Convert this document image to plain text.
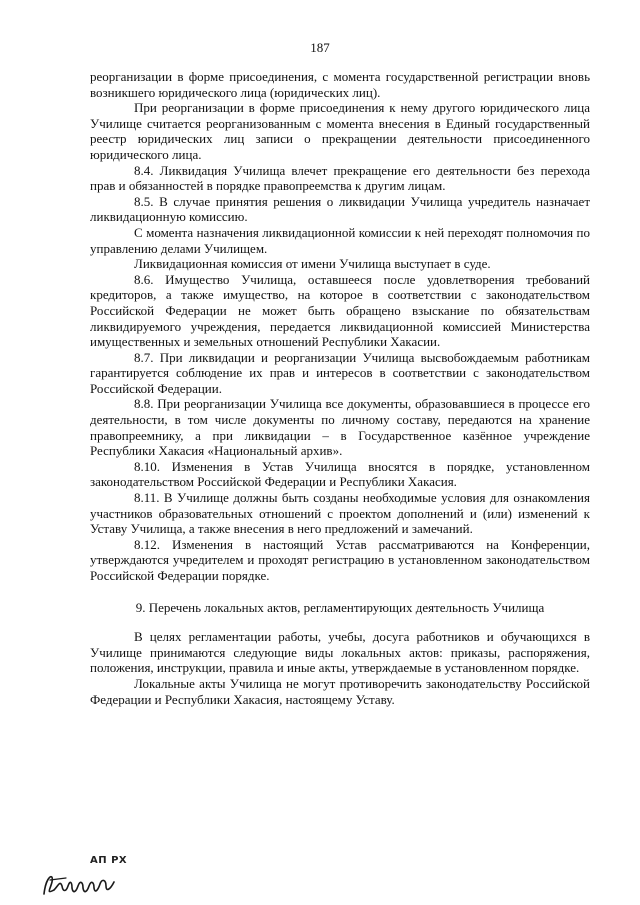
187

реорганизации в форме присоединения, с момента государственной регистрации вновь возникшего юридического лица (юридических лиц).

При реорганизации в форме присоединения к нему другого юридического лица Училище считается реорганизованным с момента внесения в Единый государственный реестр юридических лиц записи о прекращении деятельности присоединенного юридического лица.

8.4. Ликвидация Училища влечет прекращение его деятельности без перехода прав и обязанностей в порядке правопреемства к другим лицам.

8.5. В случае принятия решения о ликвидации Училища учредитель назначает ликвидационную комиссию.

С момента назначения ликвидационной комиссии к ней переходят полномочия по управлению делами Училищем.

Ликвидационная комиссия от имени Училища выступает в суде.

8.6. Имущество Училища, оставшееся после удовлетворения требований кредиторов, а также имущество, на которое в соответствии с законодательством Российской Федерации не может быть обращено взыскание по обязательствам ликвидируемого учреждения, передается ликвидационной комиссией Министерства имущественных и земельных отношений Республики Хакасии.

8.7. При ликвидации и реорганизации Училища высвобождаемым работникам гарантируется соблюдение их прав и интересов в соответствии с законодательством Российской Федерации.

8.8. При реорганизации Училища все документы, образовавшиеся в процессе его деятельности, в том числе документы по личному составу, передаются на хранение правопреемнику, а при ликвидации – в Государственное казённое учреждение Республики Хакасия «Национальный архив».

8.10. Изменения в Устав Училища вносятся в порядке, установленном законодательством Российской Федерации и Республики Хакасия.

8.11. В Училище должны быть созданы необходимые условия для ознакомления участников образовательных отношений с проектом дополнений и (или) изменений к Уставу Училища, а также внесения в него предложений и замечаний.

8.12. Изменения в настоящий Устав рассматриваются на Конференции, утверждаются учредителем и проходят регистрацию в установленном законодательством Российской Федерации порядке.

9. Перечень локальных актов, регламентирующих деятельность Училища

В целях регламентации работы, учебы, досуга работников и обучающихся в Училище принимаются следующие виды локальных актов: приказы, распоряжения, положения, инструкции, правила и иные акты, утверждаемые в установленном порядке.

Локальные акты Училища не могут противоречить законодательству Российской Федерации и Республики Хакасия, настоящему Уставу.

АП РХ
